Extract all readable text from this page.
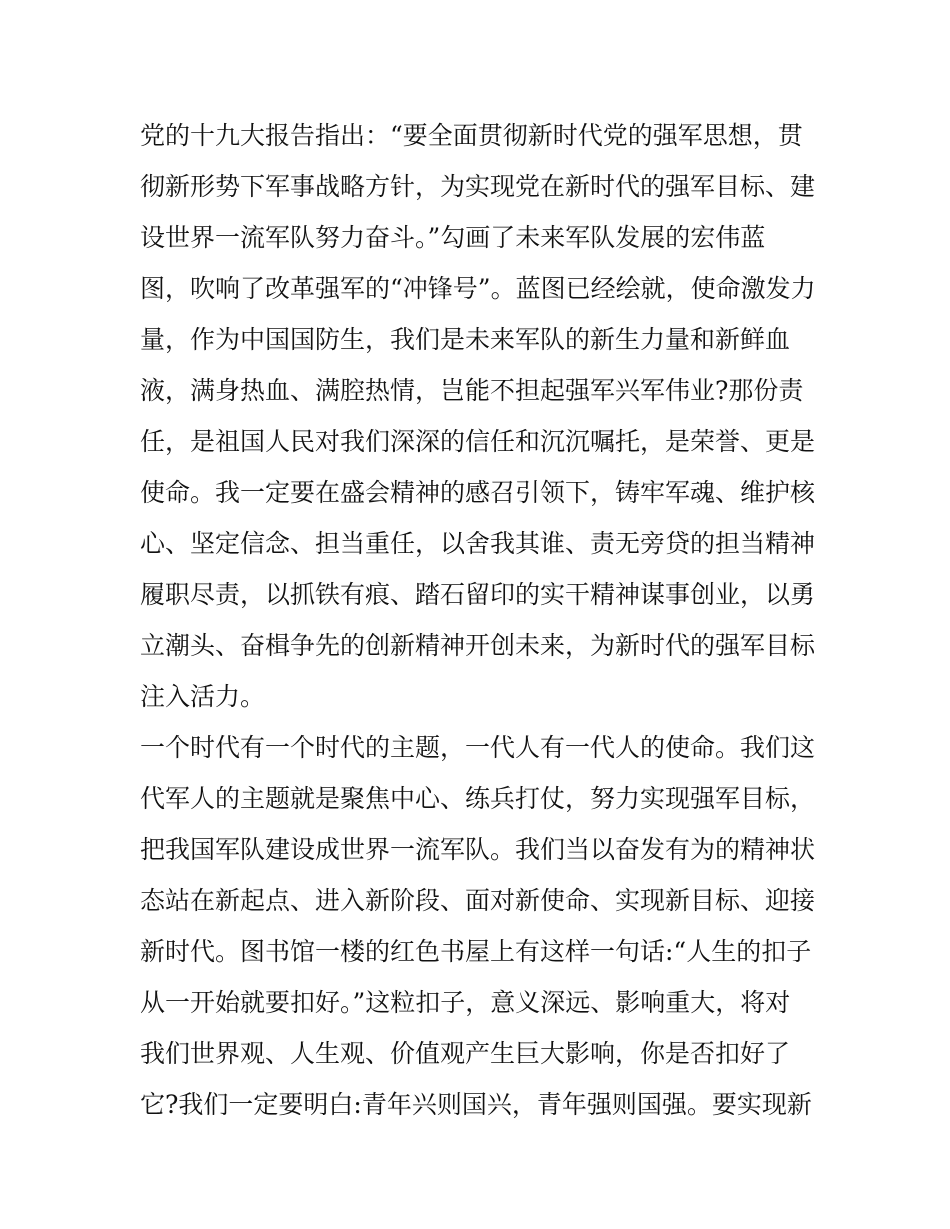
党的十九大报告指出：“要全面贯彻新时代党的强军思想，贯
彻新形势下军事战略方针，为实现党在新时代的强军目标、建
设世界一流军队努力奋斗。”勾画了未来军队发展的宏伟蓝
图，吹响了改革强军的“冲锋号”。蓝图已经绘就，使命激发力
量，作为中国国防生，我们是未来军队的新生力量和新鲜血
液，满身热血、满腔热情，岂能不担起强军兴军伟业?那份责
任，是祖国人民对我们深深的信任和沉沉嘱托，是荣誉、更是
使命。我一定要在盛会精神的感召引领下，铸牢军魂、维护核
心、坚定信念、担当重任，以舍我其谁、责无旁贷的担当精神
履职尽责，以抓铁有痕、踏石留印的实干精神谋事创业，以勇
立潮头、奋楫争先的创新精神开创未来，为新时代的强军目标
注入活力。
一个时代有一个时代的主题，一代人有一代人的使命。我们这
代军人的主题就是聚焦中心、练兵打仗，努力实现强军目标，
把我国军队建设成世界一流军队。我们当以奋发有为的精神状
态站在新起点、进入新阶段、面对新使命、实现新目标、迎接
新时代。图书馆一楼的红色书屋上有这样一句话:“人生的扣子
从一开始就要扣好。”这粒扣子，意义深远、影响重大，将对
我们世界观、人生观、价值观产生巨大影响，你是否扣好了
它?我们一定要明白:青年兴则国兴，青年强则国强。要实现新
